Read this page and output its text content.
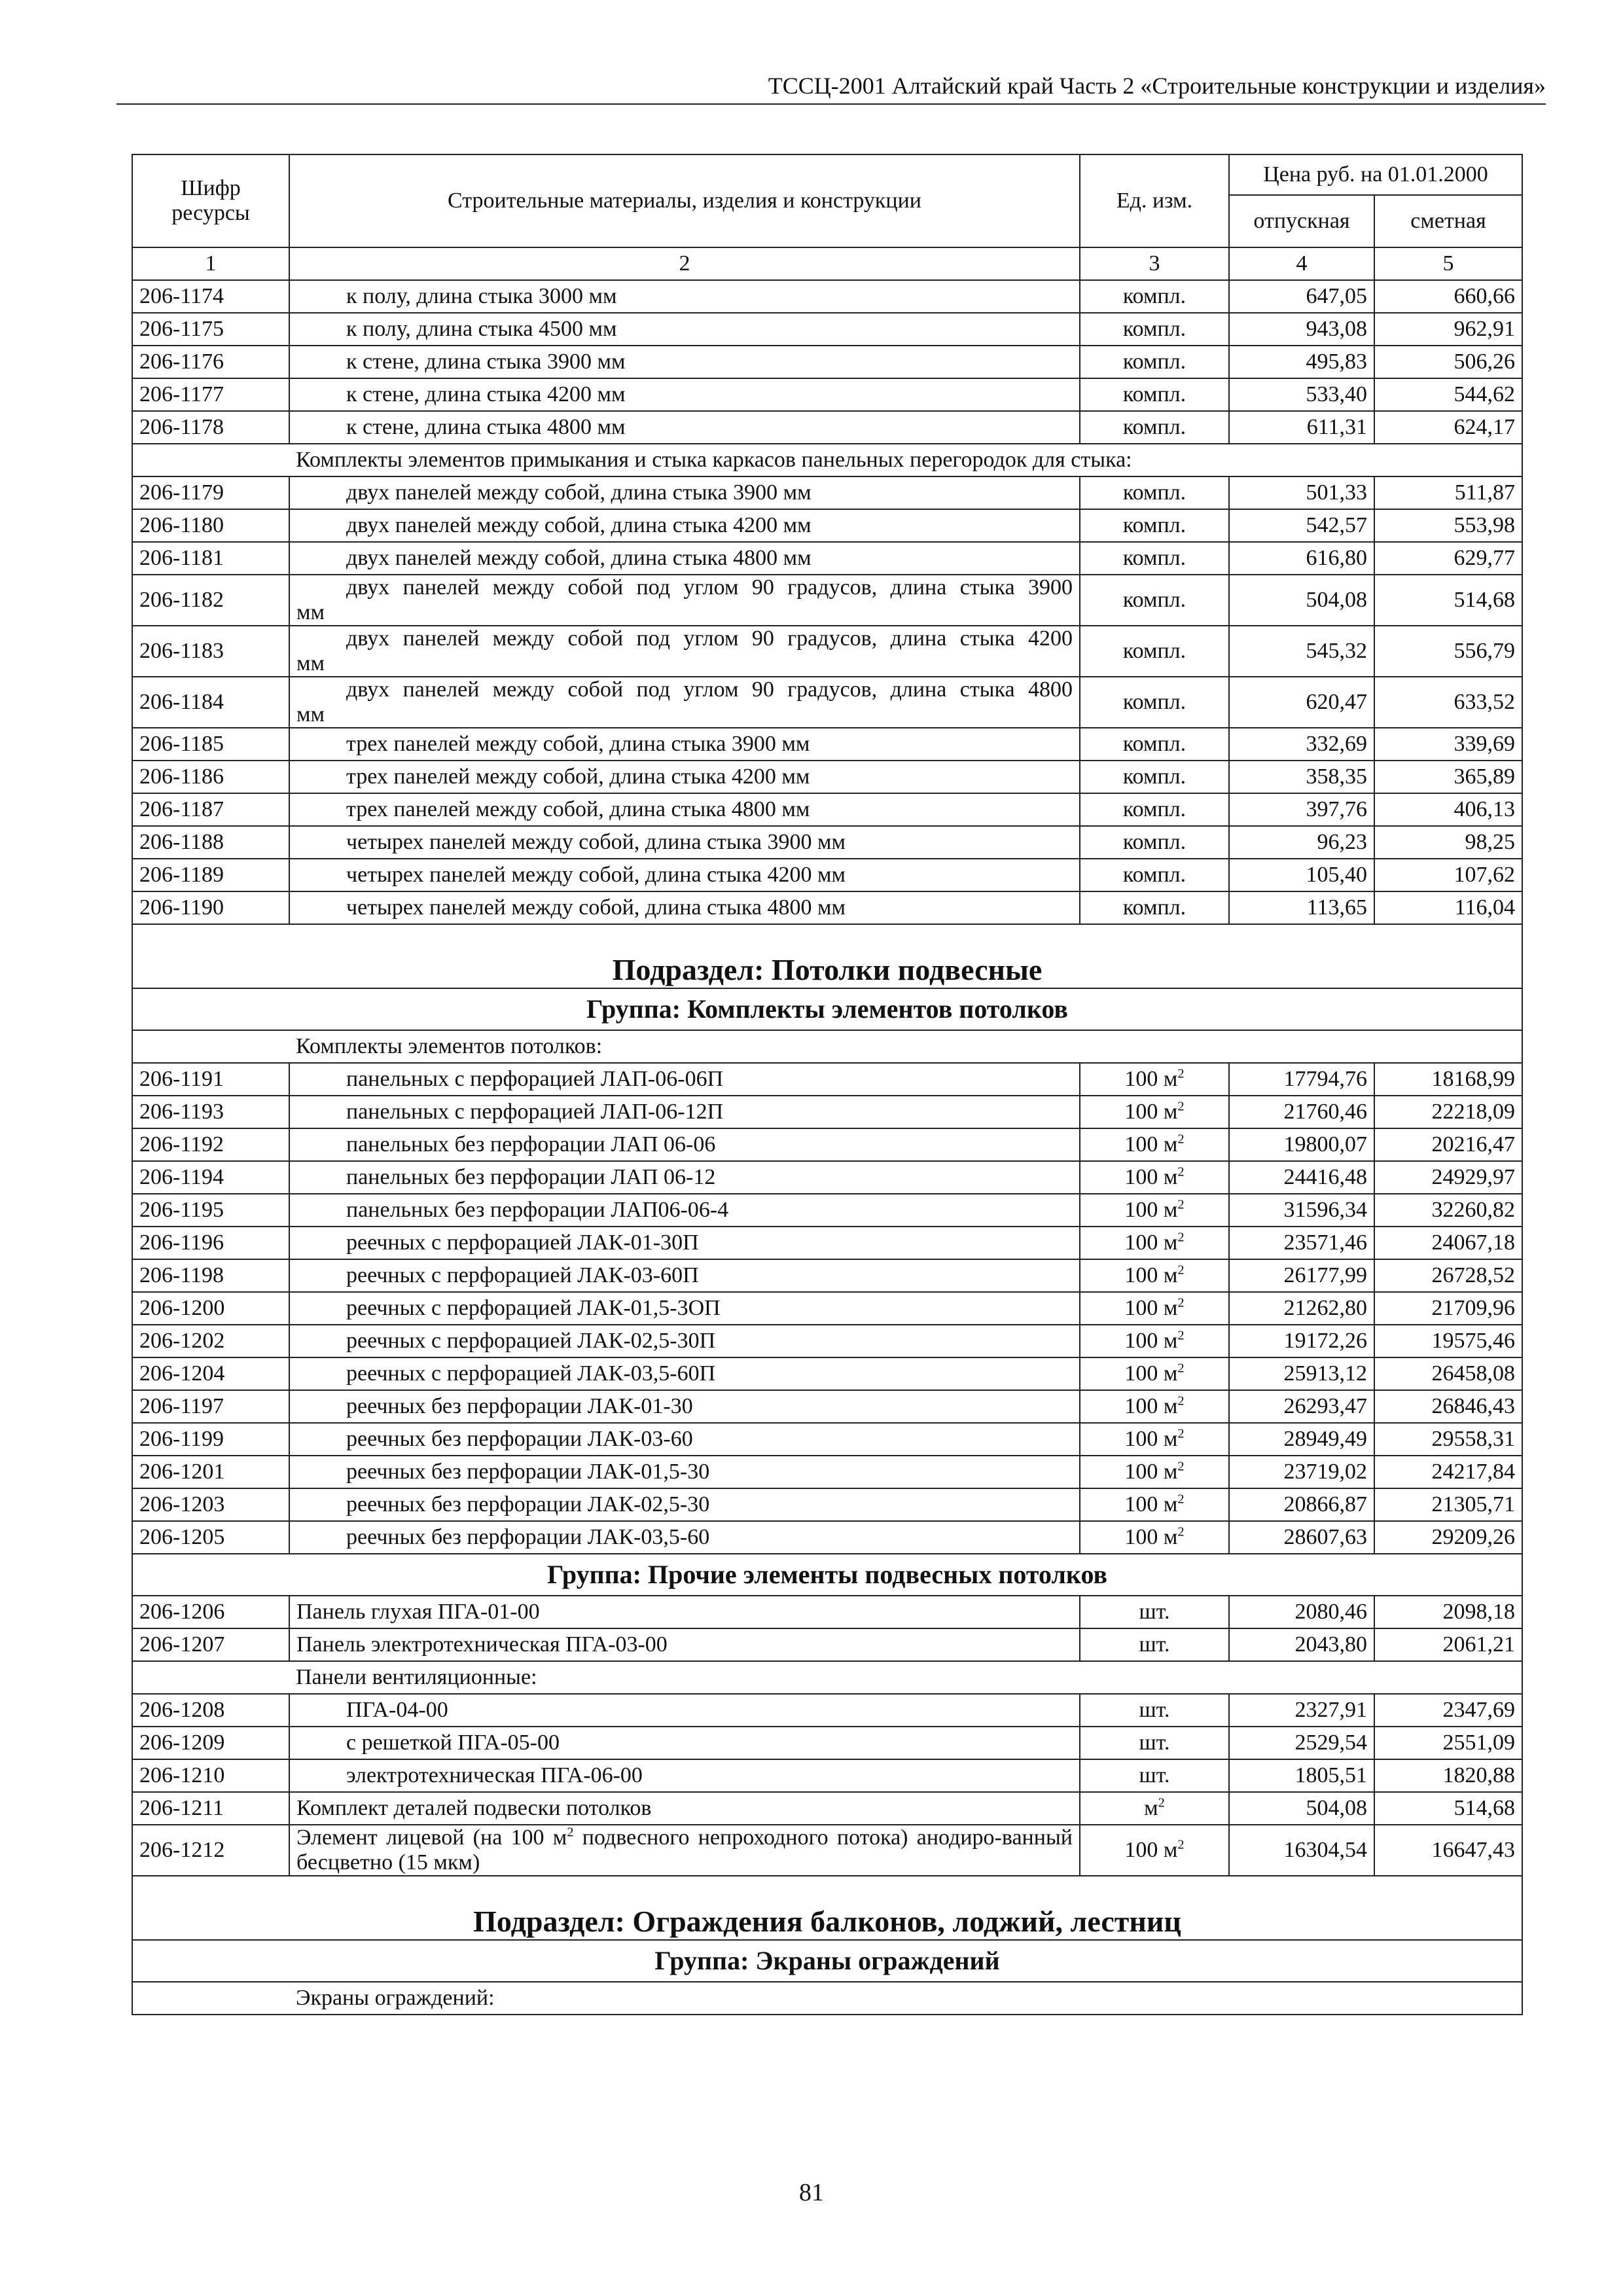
ТССЦ-2001 Алтайский край Часть 2 «Строительные конструкции и изделия»
Шифр ресурсы	Строительные материалы, изделия и конструкции	Ед. изм.	Цена руб. на 01.01.2000	
			отпускная	сметная
1	2	3	4	5
206-1174	к полу, длина стыка 3000 мм	компл.	647,05	660,66
206-1175	к полу, длина стыка 4500 мм	компл.	943,08	962,91
206-1176	к стене, длина стыка 3900 мм	компл.	495,83	506,26
206-1177	к стене, длина стыка 4200 мм	компл.	533,40	544,62
206-1178	к стене, длина стыка 4800 мм	компл.	611,31	624,17
	Комплекты элементов примыкания и стыка каркасов панельных перегородок для стыка:			
206-1179	двух панелей между собой, длина стыка 3900 мм	компл.	501,33	511,87
206-1180	двух панелей между собой, длина стыка 4200 мм	компл.	542,57	553,98
206-1181	двух панелей между собой, длина стыка 4800 мм	компл.	616,80	629,77
206-1182	двух панелей между собой под углом 90 градусов, длина стыка 3900
мм	компл.	504,08	514,68
206-1183	двух панелей между собой под углом 90 градусов, длина стыка 4200
мм	компл.	545,32	556,79
206-1184	двух панелей между собой под углом 90 градусов, длина стыка 4800
мм	компл.	620,47	633,52
206-1185	трех панелей между собой, длина стыка 3900 мм	компл.	332,69	339,69
206-1186	трех панелей между собой, длина стыка 4200 мм	компл.	358,35	365,89
206-1187	трех панелей между собой, длина стыка 4800 мм	компл.	397,76	406,13
206-1188	четырех панелей между собой, длина стыка 3900 мм	компл.	96,23	98,25
206-1189	четырех панелей между собой, длина стыка 4200 мм	компл.	105,40	107,62
206-1190	четырех панелей между собой, длина стыка 4800 мм	компл.	113,65	116,04
Подраздел: Потолки подвесные				
Группа: Комплекты элементов потолков				
	Комплекты элементов потолков:			
206-1191	панельных с перфорацией ЛАП-06-06П	100 $м^2$	17794,76	18168,99
206-1193	панельных с перфорацией ЛАП-06-12П	100 $м^2$	21760,46	22218,09
206-1192	панельных без перфорации ЛАП 06-06	100 $м^2$	19800,07	20216,47
206-1194	панельных без перфорации ЛАП 06-12	100 $м^2$	24416,48	24929,97
206-1195	панельных без перфорации ЛАП06-06-4	100 $м^2$	31596,34	32260,82
206-1196	реечных с перфорацией ЛАК-01-30П	100 $м^2$	23571,46	24067,18
206-1198	реечных с перфорацией ЛАК-03-60П	100 $м^2$	26177,99	26728,52
206-1200	реечных с перфорацией ЛАК-01,5-3ОП	100 $м^2$	21262,80	21709,96
206-1202	реечных с перфорацией ЛАК-02,5-30П	100 $м^2$	19172,26	19575,46
206-1204	реечных с перфорацией ЛАК-03,5-60П	100 $м^2$	25913,12	26458,08
206-1197	реечных без перфорации ЛАК-01-30	100 $м^2$	26293,47	26846,43
206-1199	реечных без перфорации ЛАК-03-60	100 $м^2$	28949,49	29558,31
206-1201	реечных без перфорации ЛАК-01,5-30	100 $м^2$	23719,02	24217,84
206-1203	реечных без перфорации ЛАК-02,5-30	100 $м^2$	20866,87	21305,71
206-1205	реечных без перфорации ЛАК-03,5-60	100 $м^2$	28607,63	29209,26
Группа: Прочие элементы подвесных потолков				
206-1206	Панель глухая ПГА-01-00	шт.	2080,46	2098,18
206-1207	Панель электротехническая ПГА-03-00	шт.	2043,80	2061,21
	Панели вентиляционные:			
206-1208	ПГА-04-00	шт.	2327,91	2347,69
206-1209	с решеткой ПГА-05-00	шт.	2529,54	2551,09
206-1210	электротехническая ПГА-06-00	шт.	1805,51	1820,88
206-1211	Комплект деталей подвески потолков	$м^2$	504,08	514,68
206-1212	Элемент лицевой (на 100 $м^2$ подвесного непроходного потока) анодиро-ванный бесцветно (15 мкм)	100 $м^2$	16304,54	16647,43
Подраздел: Ограждения балконов, лоджий, лестниц				
Группа: Экраны ограждений				
	Экраны ограждений:			
81
